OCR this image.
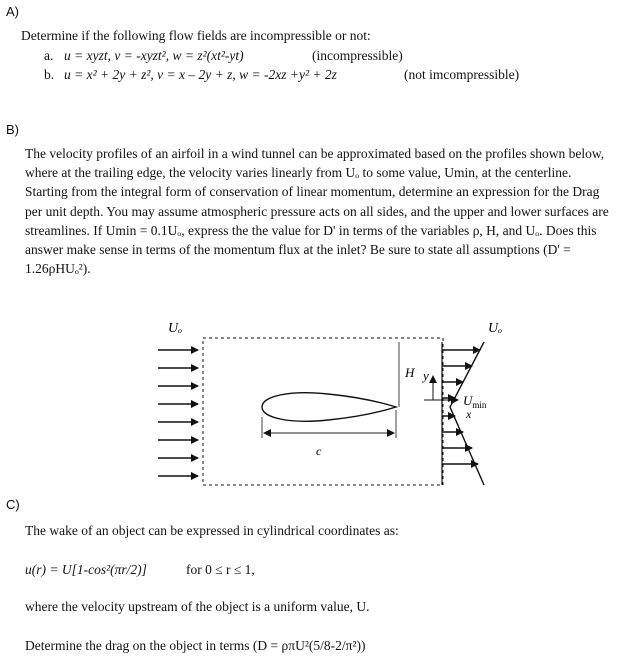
A)
Determine if the following flow fields are incompressible or not:
a. u = xyzt, v = -xyzt², w = z²(xt²-yt)	(incompressible)
b. u = x² + 2y + z², v = x – 2y + z, w = -2xz +y² + 2z	(not imcompressible)
B)
The velocity profiles of an airfoil in a wind tunnel can be approximated based on the profiles shown below, where at the trailing edge, the velocity varies linearly from Uₒ to some value, Umin, at the centerline. Starting from the integral form of conservation of linear momentum, determine an expression for the Drag per unit depth. You may assume atmospheric pressure acts on all sides, and the upper and lower surfaces are streamlines. If Umin = 0.1Uₒ, express the the value for D' in terms of the variables ρ, H, and Uₒ. Does this answer make sense in terms of the momentum flux at the inlet? Be sure to state all assumptions (D' = 1.26ρHUₒ²).
Uₒ
c
H y
x
Uₒ
$U_{min}$
C)
The wake of an object can be expressed in cylindrical coordinates as:
u(r) = U[1-cos²(πr/2)]	for 0 ≤ r ≤ 1,
where the velocity upstream of the object is a uniform value, U.
Determine the drag on the object in terms (D = ρπU²(5/8-2/π²))
